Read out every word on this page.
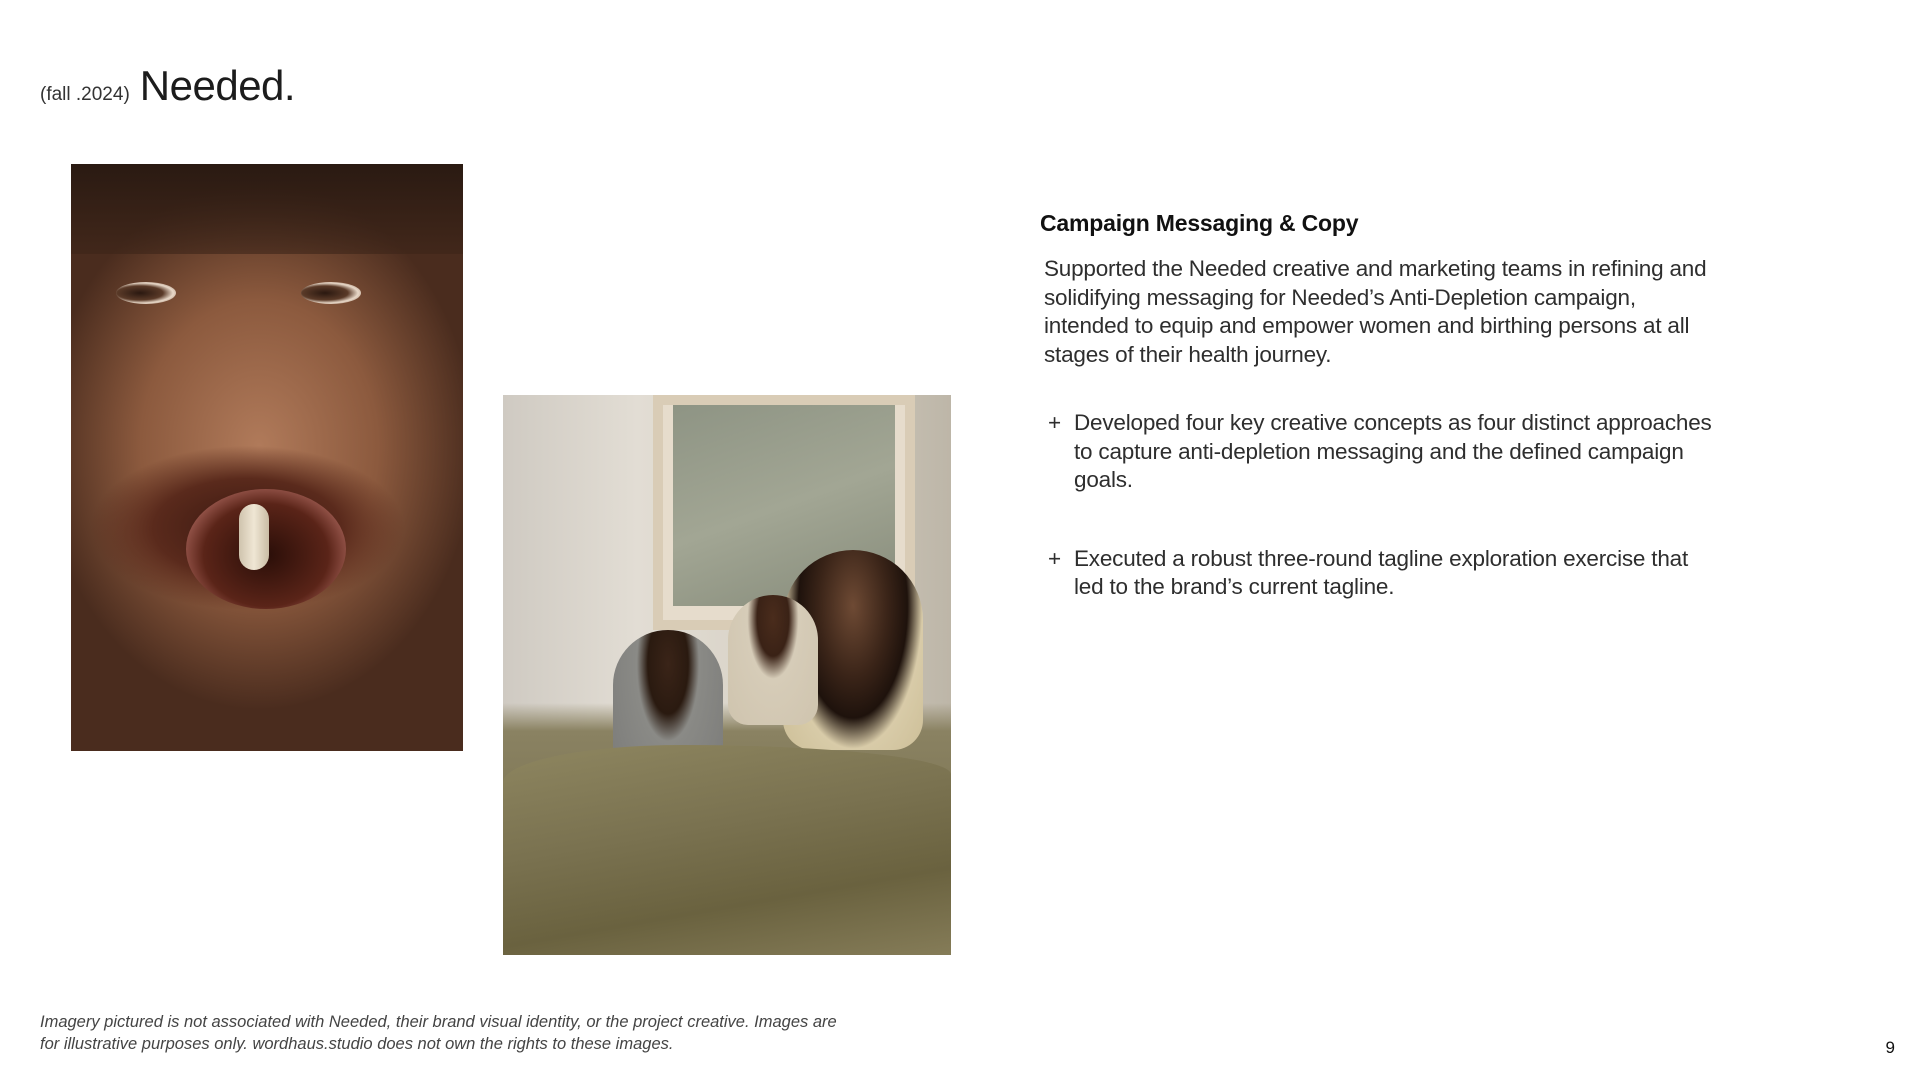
(fall .2024) Needed.
Campaign Messaging & Copy

Supported the Needed creative and marketing teams in refining and solidifying messaging for Needed’s Anti-Depletion campaign, intended to equip and empower women and birthing persons at all stages of their health journey.

+ Developed four key creative concepts as four distinct approaches to capture anti-depletion messaging and the defined campaign goals.
+ Executed a robust three-round tagline exploration exercise that led to the brand’s current tagline.
Imagery pictured is not associated with Needed, their brand visual identity, or the project creative. Images are for illustrative purposes only. wordhaus.studio does not own the rights to these images.	9
